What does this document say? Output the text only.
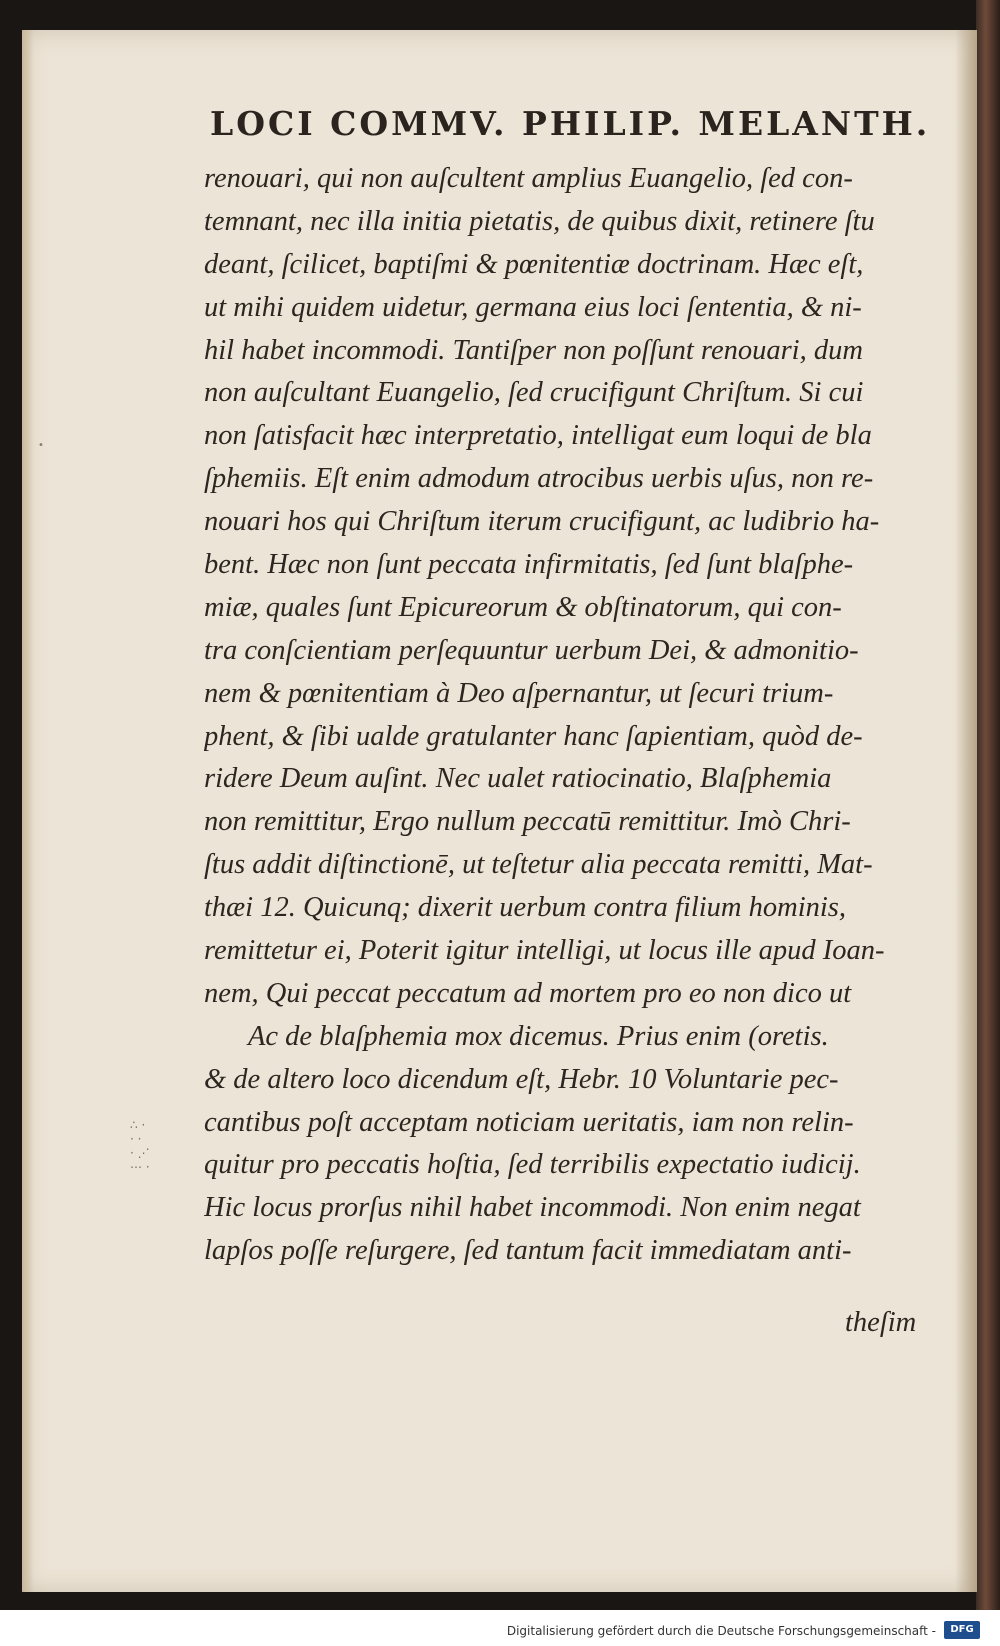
•
∴ ·
· ·
· ⋰
⋯ ·
LOCI COMMV. PHILIP. MELANTH.
renouari, qui non auſcultent amplius Euangelio, ſed con-
temnant, nec illa initia pietatis, de quibus dixit, retinere ſtu
deant, ſcilicet, baptiſmi & pœnitentiæ doctrinam. Hæc eſt,
ut mihi quidem uidetur, germana eius loci ſententia, & ni-
hil habet incommodi. Tantiſper non poſſunt renouari, dum
non auſcultant Euangelio, ſed crucifigunt Chriſtum. Si cui
non ſatisfacit hæc interpretatio, intelligat eum loqui de bla
ſphemiis. Eſt enim admodum atrocibus uerbis uſus, non re-
nouari hos qui Chriſtum iterum crucifigunt, ac ludibrio ha-
bent. Hæc non ſunt peccata infirmitatis, ſed ſunt blaſphe-
miæ, quales ſunt Epicureorum & obſtinatorum, qui con-
tra conſcientiam perſequuntur uerbum Dei, & admonitio-
nem & pœnitentiam à Deo aſpernantur, ut ſecuri trium-
phent, & ſibi ualde gratulanter hanc ſapientiam, quòd de-
ridere Deum auſint. Nec ualet ratiocinatio, Blaſphemia
non remittitur, Ergo nullum peccatū remittitur. Imò Chri-
ſtus addit diſtinctionē, ut teſtetur alia peccata remitti, Mat-
thæi 12. Quicunq; dixerit uerbum contra filium hominis,
remittetur ei, Poterit igitur intelligi, ut locus ille apud Ioan-
nem, Qui peccat peccatum ad mortem pro eo non dico ut
Ac de blaſphemia mox dicemus. Prius enim (oretis.
& de altero loco dicendum eſt, Hebr. 10 Voluntarie pec-
cantibus poſt acceptam noticiam ueritatis, iam non relin-
quitur pro peccatis hoſtia, ſed terribilis expectatio iudicij.
Hic locus prorſus nihil habet incommodi. Non enim negat
lapſos poſſe reſurgere, ſed tantum facit immediatam anti-
theſim
Digitalisierung gefördert durch die Deutsche Forschungsgemeinschaft -	DFG
